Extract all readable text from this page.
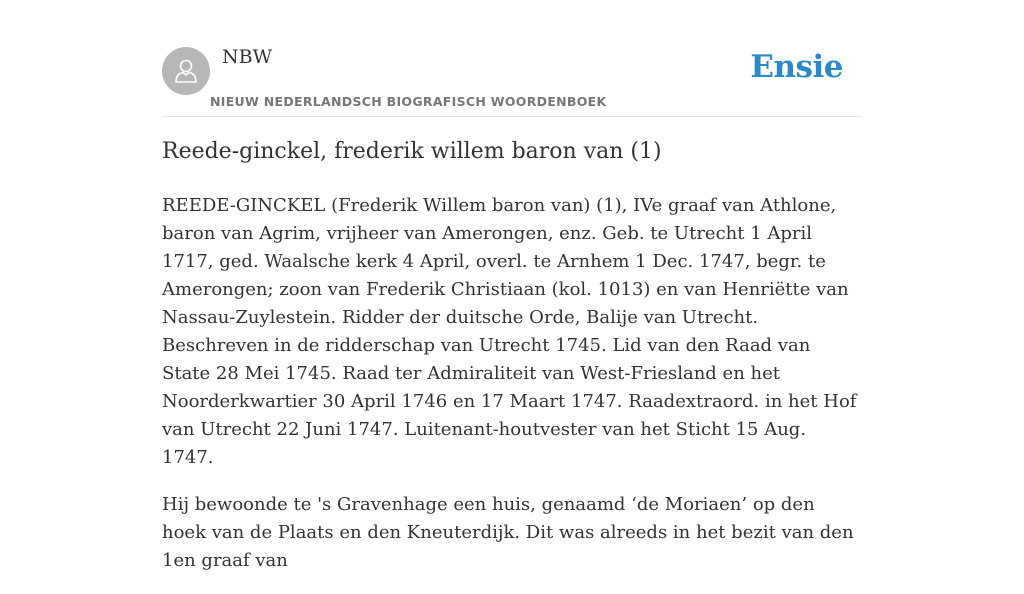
NBW
NIEUW NEDERLANDSCH BIOGRAFISCH WOORDENBOEK
Ensie
Reede-ginckel, frederik willem baron van (1)

REEDE-GINCKEL (Frederik Willem baron van) (1), IVe graaf van Athlone, baron van Agrim, vrijheer van Amerongen, enz. Geb. te Utrecht 1 April 1717, ged. Waalsche kerk 4 April, overl. te Arnhem 1 Dec. 1747, begr. te Amerongen; zoon van Frederik Christiaan (kol. 1013) en van Henriëtte van Nassau-Zuylestein. Ridder der duitsche Orde, Balije van Utrecht. Beschreven in de ridderschap van Utrecht 1745. Lid van den Raad van State 28 Mei 1745. Raad ter Admiraliteit van West-Friesland en het Noorderkwartier 30 April 1746 en 17 Maart 1747. Raadextraord. in het Hof van Utrecht 22 Juni 1747. Luitenant-houtvester van het Sticht 15 Aug. 1747.

Hij bewoonde te 's Gravenhage een huis, genaamd ‘de Moriaen’ op den hoek van de Plaats en den Kneuterdijk. Dit was alreeds in het bezit van den 1en graaf van
